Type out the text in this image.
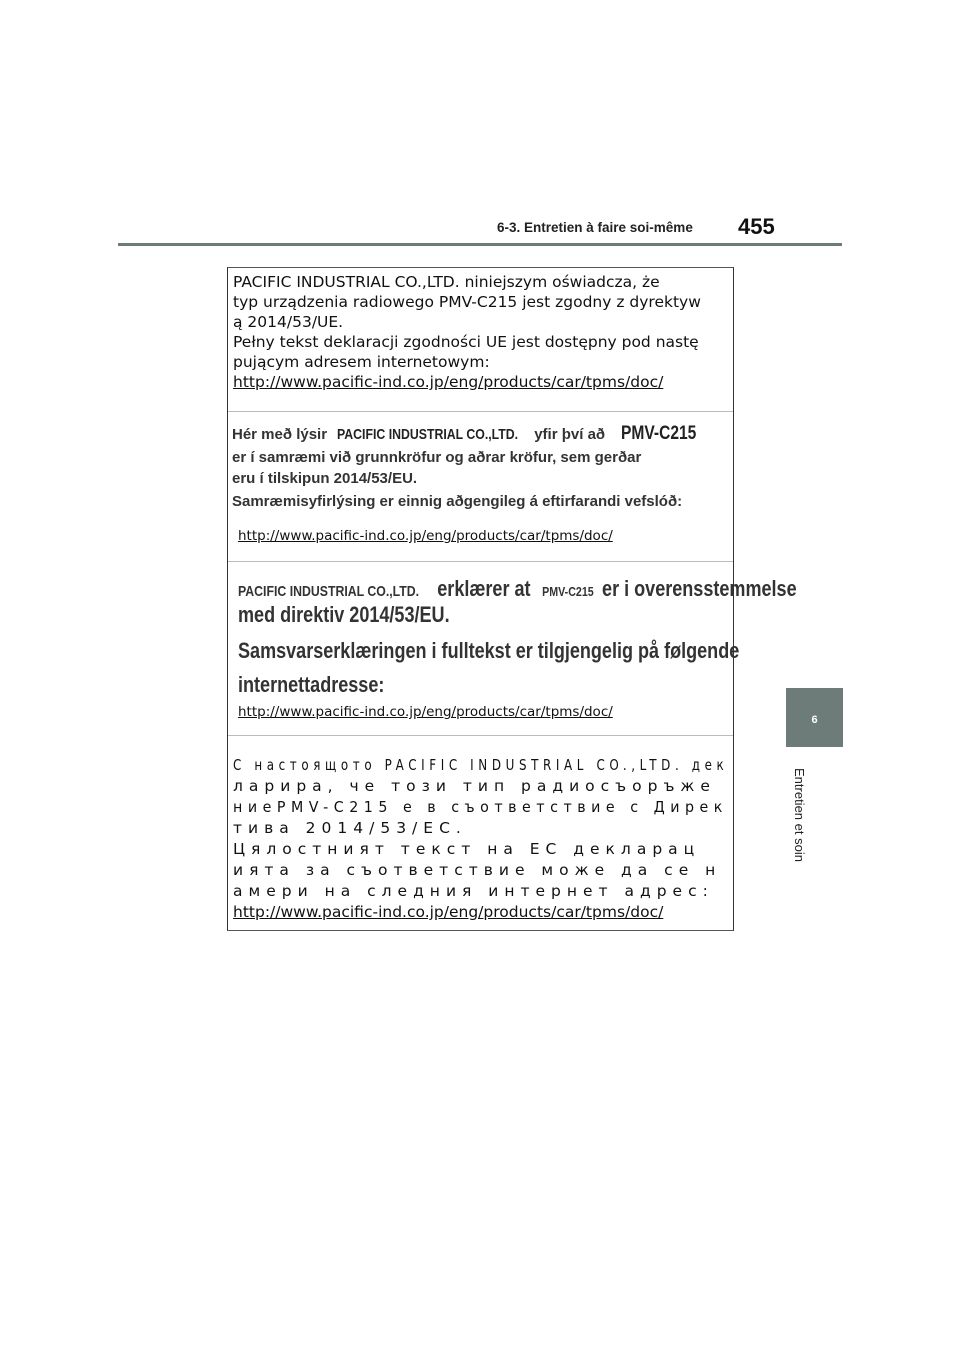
6-3. Entretien à faire soi-même 455
6
Entretien et soin

PACIFIC INDUSTRIAL CO.,LTD. niniejszym oświadcza, że

typ urządzenia radiowego PMV-C215 jest zgodny z dyrektyw

ą 2014/53/UE.

Pełny tekst deklaracji zgodności UE jest dostępny pod nastę

pującym adresem internetowym:

http://www.pacific-ind.co.jp/eng/products/car/tpms/doc/

Hér með lýsir PACIFIC INDUSTRIAL CO.,LTD. yfir því að PMV-C215
er í samræmi við grunnkröfur og aðrar kröfur, sem gerðar
eru í tilskipun 2014/53/EU.
Samræmisyfirlýsing er einnig aðgengileg á eftirfarandi vefslóð:
http://www.pacific-ind.co.jp/eng/products/car/tpms/doc/
PACIFIC INDUSTRIAL CO.,LTD. erklærer at PMV-C215 er i overensstemmelse
med direktiv 2014/53/EU.
Samsvarserklæringen i fulltekst er tilgjengelig på følgende
internettadresse:
http://www.pacific-ind.co.jp/eng/products/car/tpms/doc/
С настоящото PACIFIC INDUSTRIAL CO.,LTD. дек
ларира, че този тип радиосъоръже
ниеPMV-C215 е в съответствие с Дирек
тива 2014/53/ЕС.
Цялостният текст на ЕС декларац
ията за съответствие може да се н
амери на следния интернет адрес:
http://www.pacific-ind.co.jp/eng/products/car/tpms/doc/
